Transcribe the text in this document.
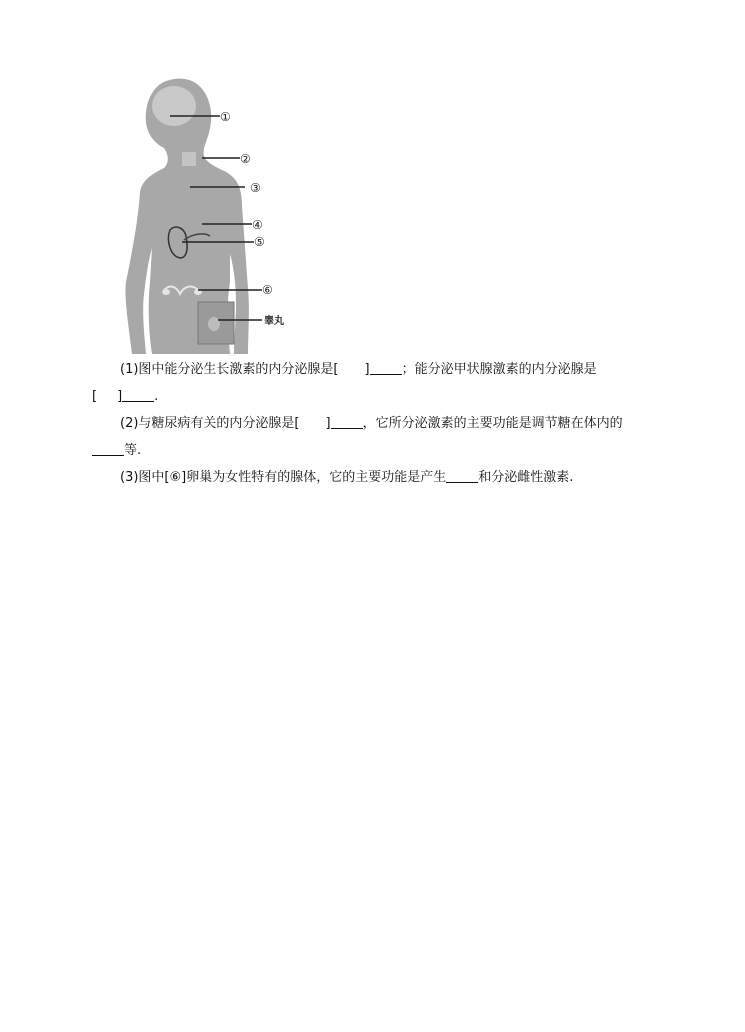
①
②
③
④
⑤
⑥
睾丸
(1)图中能分泌生长激素的内分泌腺是[ ] ；能分泌甲状腺激素的内分泌腺是
[ ] .
(2)与糖尿病有关的内分泌腺是[ ] ，它所分泌激素的主要功能是调节糖在体内的
等.
(3)图中[⑥]卵巢为女性特有的腺体，它的主要功能是产生 和分泌雌性激素.
